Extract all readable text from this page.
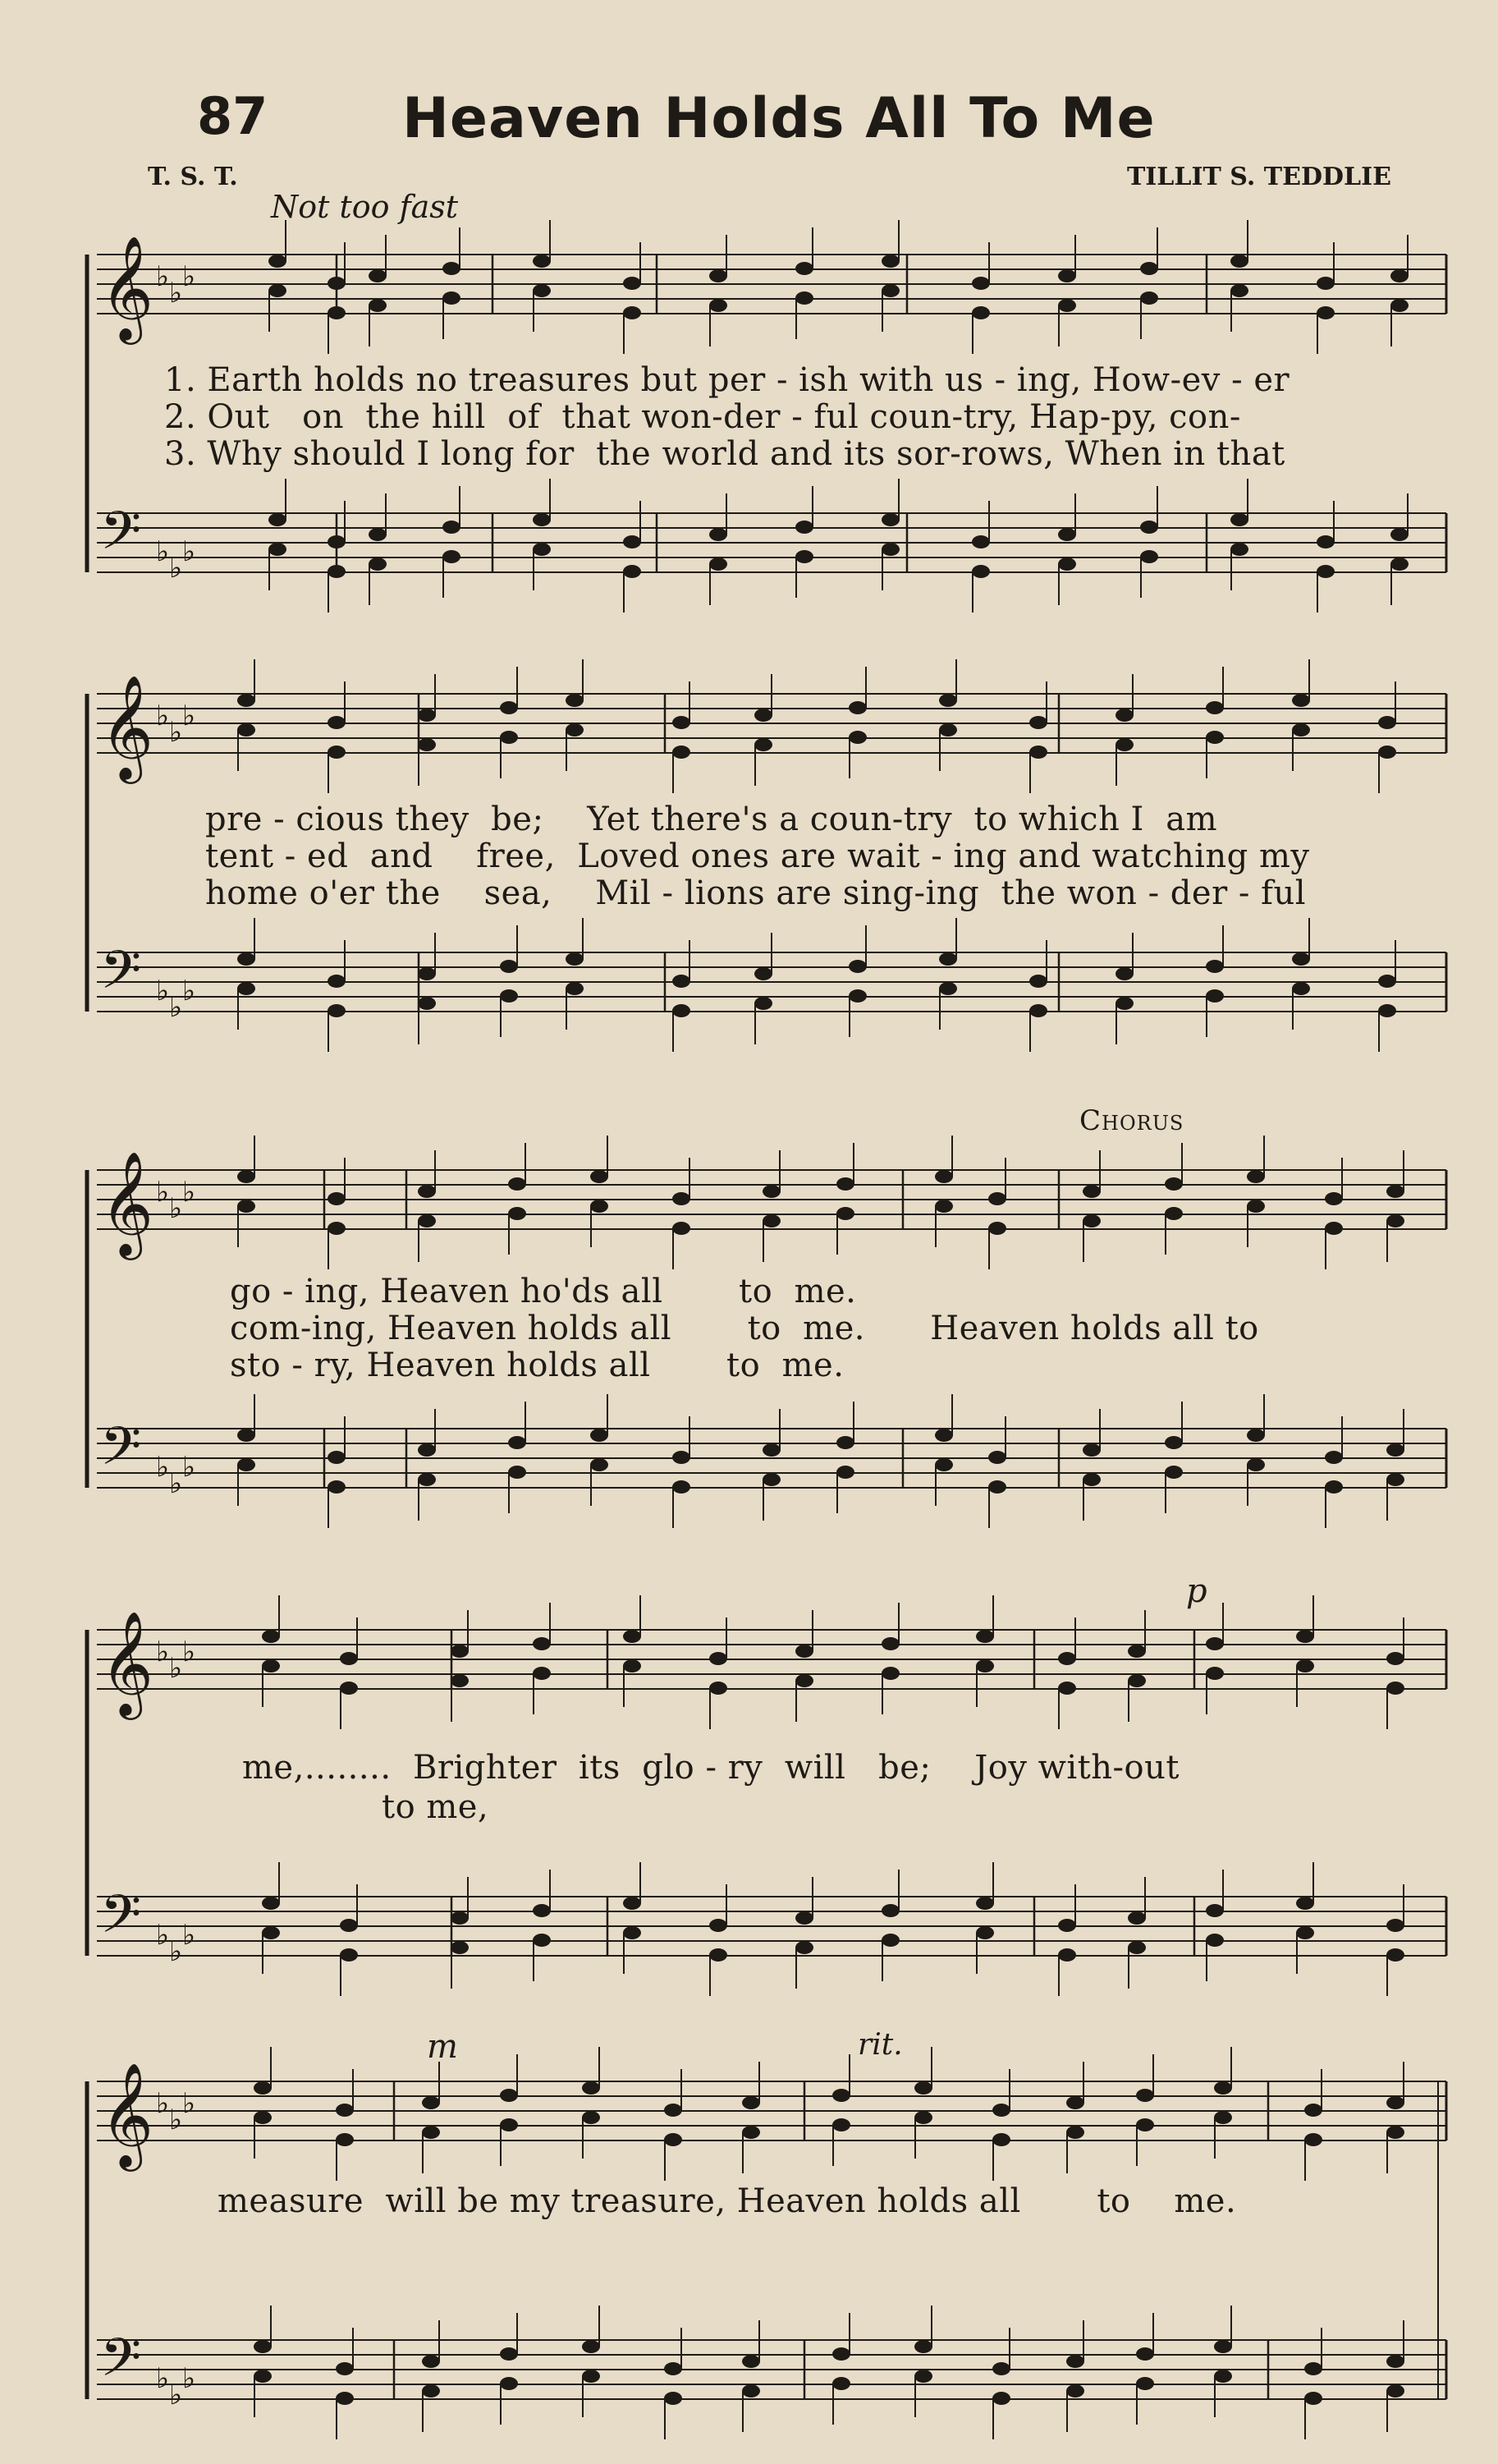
87 Heaven Holds All To Me
T. S. T.	TILLIT S. TEDDLIE
Not too fast
𝄞 ♭ ♭ ♭
𝄢 ♭ ♭ ♭
𝄞 ♭ ♭ ♭
𝄢 ♭ ♭ ♭
𝄞 ♭ ♭ ♭
𝄢 ♭ ♭ ♭
𝄞 ♭ ♭ ♭
𝄢 ♭ ♭ ♭
𝄞 ♭ ♭ ♭
𝄢 ♭ ♭ ♭
1. Earth holds no treasures but per - ish with us - ing, How-ev - er
2. Out   on  the hill  of  that won-der - ful coun-try, Hap-py, con-
3. Why should I long for  the world and its sor-rows, When in that
pre - cious they  be;    Yet there's a coun-try  to which I  am
tent - ed  and    free,  Loved ones are wait - ing and watching my
home o'er the    sea,    Mil - lions are sing-ing  the won - der - ful
Chorus
go - ing, Heaven ho'ds all       to  me.
com-ing, Heaven holds all       to  me.      Heaven holds all to
sto - ry, Heaven holds all       to  me.
p
me,........  Brighter  its  glo - ry  will   be;    Joy with-out
to me,
m	rit.
measure  will be my treasure, Heaven holds all       to    me.
